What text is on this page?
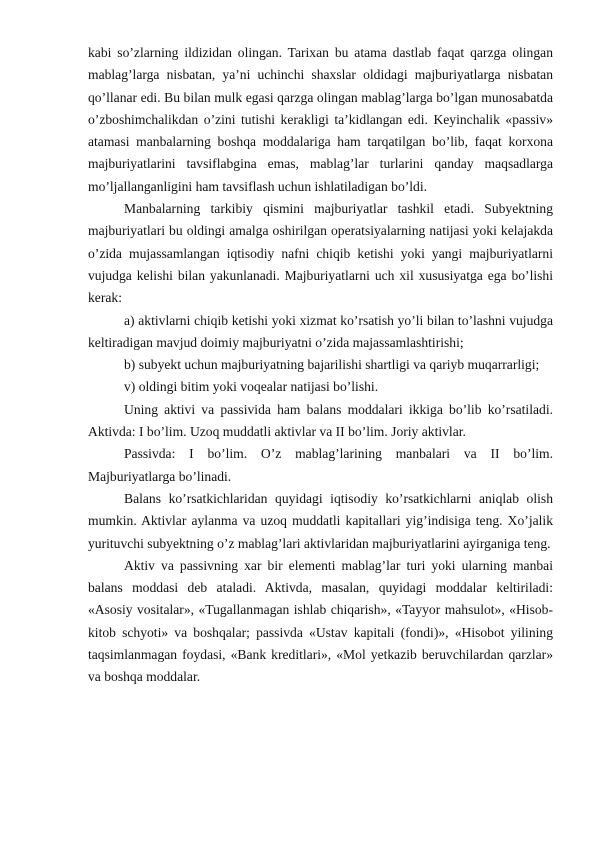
kabi so’zlarning ildizidan olingan. Tarixan bu atama dastlab faqat qarzga olingan mablag’larga nisbatan, ya’ni uchinchi shaxslar oldidagi majburiyatlarga nisbatan qo’llanar edi. Bu bilan mulk egasi qarzga olingan mablag’larga bo’lgan munosabatda o’zboshimchalikdan o’zini tutishi kerakligi ta’kidlangan edi. Keyinchalik «passiv» atamasi manbalarning boshqa moddalariga ham tarqatilgan bo’lib, faqat korxona majburiyatlarini tavsiflabgina emas, mablag’lar turlarini qanday maqsadlarga mo’ljallanganligini ham tavsiflash uchun ishlatiladigan bo’ldi.

Manbalarning tarkibiy qismini majburiyatlar tashkil etadi. Subyektning majburiyatlari bu oldingi amalga oshirilgan operatsiyalarning natijasi yoki kelajakda o’zida mujassamlangan iqtisodiy nafni chiqib ketishi yoki yangi majburiyatlarni vujudga kelishi bilan yakunlanadi. Majburiyatlarni uch xil xususiyatga ega bo’lishi kerak:

a) aktivlarni chiqib ketishi yoki xizmat ko’rsatish yo’li bilan to’lashni vujudga keltiradigan mavjud doimiy majburiyatni o’zida majassamlashtirishi;

b) subyekt uchun majburiyatning bajarilishi shartligi va qariyb muqarrarligi;

v) oldingi bitim yoki voqealar natijasi bo’lishi.

Uning aktivi va passivida ham balans moddalari ikkiga bo’lib ko’rsatiladi. Aktivda: I bo’lim. Uzoq muddatli aktivlar va II bo’lim. Joriy aktivlar.

Passivda: I bo’lim. O’z mablag’larining manbalari va II bo’lim. Majburiyatlarga bo’linadi.

Balans ko’rsatkichlaridan quyidagi iqtisodiy ko’rsatkichlarni aniqlab olish mumkin. Aktivlar aylanma va uzoq muddatli kapitallari yig’indisiga teng. Xo’jalik yurituvchi subyektning o’z mablag’lari aktivlaridan majburiyatlarini ayirganiga teng.

Aktiv va passivning xar bir elementi mablag’lar turi yoki ularning manbai balans moddasi deb ataladi. Aktivda, masalan, quyidagi moddalar keltiriladi: «Asosiy vositalar», «Tugallanmagan ishlab chiqarish», «Tayyor mahsulot», «Hisob-kitob schyoti» va boshqalar; passivda «Ustav kapitali (fondi)», «Hisobot yilining taqsimlanmagan foydasi, «Bank kreditlari», «Mol yetkazib beruvchilardan qarzlar» va boshqa moddalar.
